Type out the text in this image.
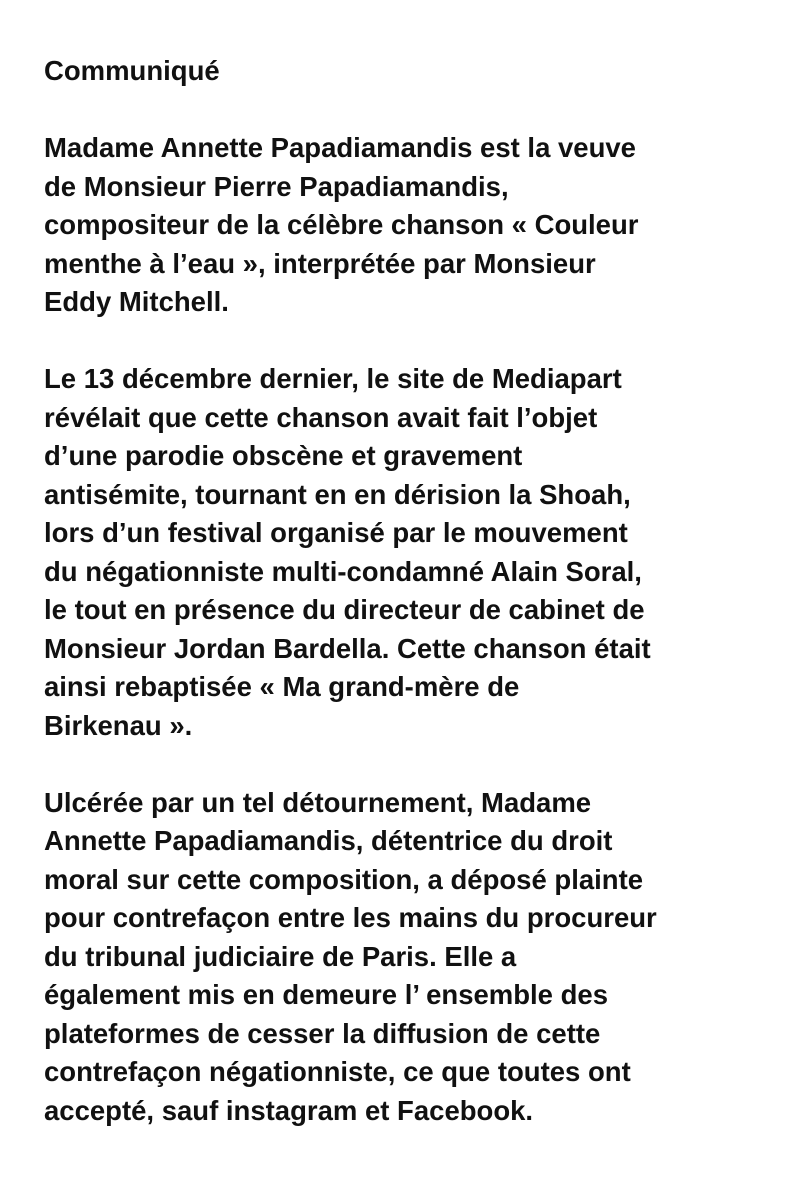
Communiqué
Madame Annette Papadiamandis est la veuve
de Monsieur Pierre Papadiamandis,
compositeur de la célèbre chanson « Couleur
menthe à l’eau », interprétée par Monsieur
Eddy Mitchell.
Le 13 décembre dernier, le site de Mediapart
révélait que cette chanson avait fait l’objet
d’une parodie obscène et gravement
antisémite, tournant en en dérision la Shoah,
lors d’un festival organisé par le mouvement
du négationniste multi-condamné Alain Soral,
le tout en présence du directeur de cabinet de
Monsieur Jordan Bardella. Cette chanson était
ainsi rebaptisée « Ma grand-mère de
Birkenau ».
Ulcérée par un tel détournement, Madame
Annette Papadiamandis, détentrice du droit
moral sur cette composition, a déposé plainte
pour contrefaçon entre les mains du procureur
du tribunal judiciaire de Paris. Elle a
également mis en demeure l’ ensemble des
plateformes de cesser la diffusion de cette
contrefaçon négationniste, ce que toutes ont
accepté, sauf instagram et Facebook.
